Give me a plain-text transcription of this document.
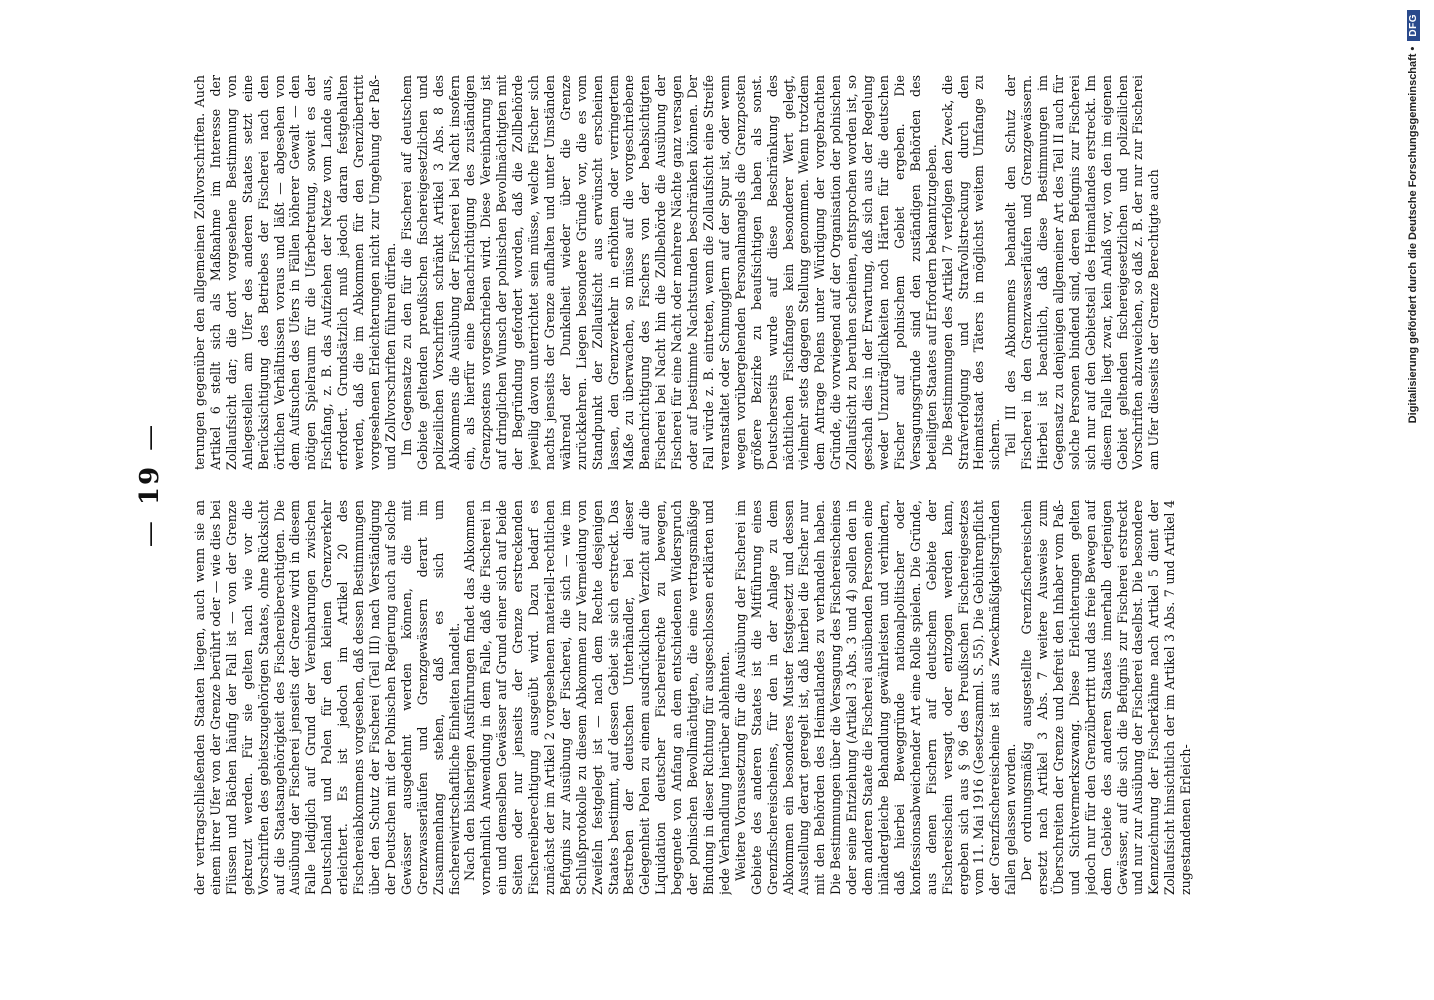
—
19
—

der vertragschließenden Staaten liegen, auch wenn sie an einem ihrer Ufer von der Grenze berührt oder — wie dies bei Flüssen und Bächen häufig der Fall ist — von der Grenze gekreuzt werden. Für sie gelten nach wie vor die Vorschriften des gebietszugehörigen Staates, ohne Rücksicht auf die Staatsangehörigkeit des Fischereiberechtigten. Die Ausübung der Fischerei jenseits der Grenze wird in diesem Falle lediglich auf Grund der Vereinbarungen zwischen Deutschland und Polen für den kleinen Grenzverkehr erleichtert. Es ist jedoch im Artikel 20 des Fischereiabkommens vorgesehen, daß dessen Bestimmungen über den Schutz der Fischerei (Teil III) nach Verständigung der Deutschen mit der Polnischen Regierung auch auf solche Gewässer ausgedehnt werden können, die mit Grenzwasserläufen und Grenzgewässern derart im Zusammenhang stehen, daß es sich um fischereiwirtschaftliche Einheiten handelt. Nach den bisherigen Ausführungen findet das Abkommen vornehmlich Anwendung in dem Falle, daß die Fischerei in ein und demselben Gewässer auf Grund einer sich auf beide Seiten oder nur jenseits der Grenze erstreckenden Fischereiberechtigung ausgeübt wird. Dazu bedarf es zunächst der im Artikel 2 vorgesehenen materiell-rechtlichen Befugnis zur Ausübung der Fischerei, die sich — wie im Schlußprotokolle zu diesem Abkommen zur Vermeidung von Zweifeln festgelegt ist — nach dem Rechte desjenigen Staates bestimmt, auf dessen Gebiet sie sich erstreckt. Das Bestreben der deutschen Unterhändler, bei dieser Gelegenheit Polen zu einem ausdrücklichen Verzicht auf die Liquidation deutscher Fischereirechte zu bewegen, begegnete von Anfang an dem entschiedenen Widerspruch der polnischen Bevollmächtigten, die eine vertragsmäßige Bindung in dieser Richtung für ausgeschlossen erklärten und jede Verhandlung hierüber ablehnten. Weitere Voraussetzung für die Ausübung der Fischerei im Gebiete des anderen Staates ist die Mitführung eines Grenzfischereischeines, für den in der Anlage zu dem Abkommen ein besonderes Muster festgesetzt und dessen Ausstellung derart geregelt ist, daß hierbei die Fischer nur mit den Behörden des Heimatlandes zu verhandeln haben. Die Bestimmungen über die Versagung des Fischereischeines oder seine Entziehung (Artikel 3 Abs. 3 und 4) sollen den in dem anderen Staate die Fischerei ausübenden Personen eine inländergleiche Behandlung gewährleisten und verhindern, daß hierbei Beweggründe nationalpolitischer oder konfessionsabweichender Art eine Rolle spielen. Die Gründe, aus denen Fischern auf deutschem Gebiete der Fischereischein versagt oder entzogen werden kann, ergeben sich aus § 96 des Preußischen Fischereigesetzes vom 11. Mai 1916 (Gesetzsamml. S. 55). Die Gebührenpflicht der Grenzfischereischeine ist aus Zweckmäßigkeitsgründen fallen gelassen worden. Der ordnungsmäßig ausgestellte Grenzfischereischein ersetzt nach Artikel 3 Abs. 7 weitere Ausweise zum Überschreiten der Grenze und befreit den Inhaber vom Paß- und Sichtvermerkszwang. Diese Erleichterungen gelten jedoch nur für den Grenzübertritt und das freie Bewegen auf dem Gebiete des anderen Staates innerhalb derjenigen Gewässer, auf die sich die Befugnis zur Fischerei erstreckt und nur zur Ausübung der Fischerei daselbst. Die besondere Kennzeichnung der Fischerkähne nach Artikel 5 dient der Zollaufsicht hinsichtlich der im Artikel 3 Abs. 7 und Artikel 4 zugestandenen Erleich-

terungen gegenüber den allgemeinen Zollvorschriften. Auch Artikel 6 stellt sich als Maßnahme im Interesse der Zollaufsicht dar; die dort vorgesehene Bestimmung von Anlegestellen am Ufer des anderen Staates setzt eine Berücksichtigung des Betriebes der Fischerei nach den örtlichen Verhältnissen voraus und läßt — abgesehen von dem Aufsuchen des Ufers in Fällen höherer Gewalt — den nötigen Spielraum für die Uferbetretung, soweit es der Fischfang, z. B. das Aufziehen der Netze vom Lande aus, erfordert. Grundsätzlich muß jedoch daran festgehalten werden, daß die im Abkommen für den Grenzübertritt vorgesehenen Erleichterungen nicht zur Umgehung der Paß- und Zollvorschriften führen dürfen. Im Gegensatze zu den für die Fischerei auf deutschem Gebiete geltenden preußischen fischereigesetzlichen und polizeilichen Vorschriften schränkt Artikel 3 Abs. 8 des Abkommens die Ausübung der Fischerei bei Nacht insofern ein, als hierfür eine Benachrichtigung des zuständigen Grenzpostens vorgeschrieben wird. Diese Vereinbarung ist auf dringlichen Wunsch der polnischen Bevollmächtigten mit der Begründung gefordert worden, daß die Zollbehörde jeweilig davon unterrichtet sein müsse, welche Fischer sich nachts jenseits der Grenze aufhalten und unter Umständen während der Dunkelheit wieder über die Grenze zurückkehren. Liegen besondere Gründe vor, die es vom Standpunkt der Zollaufsicht aus erwünscht erscheinen lassen, den Grenzverkehr in erhöhtem oder verringertem Maße zu überwachen, so müsse auf die vorgeschriebene Benachrichtigung des Fischers von der beabsichtigten Fischerei bei Nacht hin die Zollbehörde die Ausübung der Fischerei für eine Nacht oder mehrere Nächte ganz versagen oder auf bestimmte Nachtstunden beschränken können. Der Fall würde z. B. eintreten, wenn die Zollaufsicht eine Streife veranstaltet oder Schmugglern auf der Spur ist, oder wenn wegen vorübergehenden Personalmangels die Grenzposten größere Bezirke zu beaufsichtigen haben als sonst. Deutscherseits wurde auf diese Beschränkung des nächtlichen Fischfanges kein besonderer Wert gelegt, vielmehr stets dagegen Stellung genommen. Wenn trotzdem dem Antrage Polens unter Würdigung der vorgebrachten Gründe, die vorwiegend auf der Organisation der polnischen Zollaufsicht zu beruhen scheinen, entsprochen worden ist, so geschah dies in der Erwartung, daß sich aus der Regelung weder Unzuträglichkeiten noch Härten für die deutschen Fischer auf polnischem Gebiet ergeben. Die Versagungsgründe sind den zuständigen Behörden des beteiligten Staates auf Erfordern bekanntzugeben. Die Bestimmungen des Artikel 7 verfolgen den Zweck, die Strafverfolgung und Strafvollstreckung durch den Heimatstaat des Täters in möglichst weitem Umfange zu sichern. Teil III des Abkommens behandelt den Schutz der Fischerei in den Grenzwasserläufen und Grenzgewässern. Hierbei ist beachtlich, daß diese Bestimmungen im Gegensatz zu denjenigen allgemeiner Art des Teil II auch für solche Personen bindend sind, deren Befugnis zur Fischerei sich nur auf den Gebietsteil des Heimatlandes erstreckt. Im diesem Falle liegt zwar, kein Anlaß vor, von den im eigenen Gebiet geltenden fischereigesetzlichen und polizeilichen Vorschriften abzuweichen, so daß z. B. der nur zur Fischerei am Ufer diesseits der Grenze Berechtigte auch	Digitalisierung gefördert durch die Deutsche Forschungsgemeinschaft •
DFG
